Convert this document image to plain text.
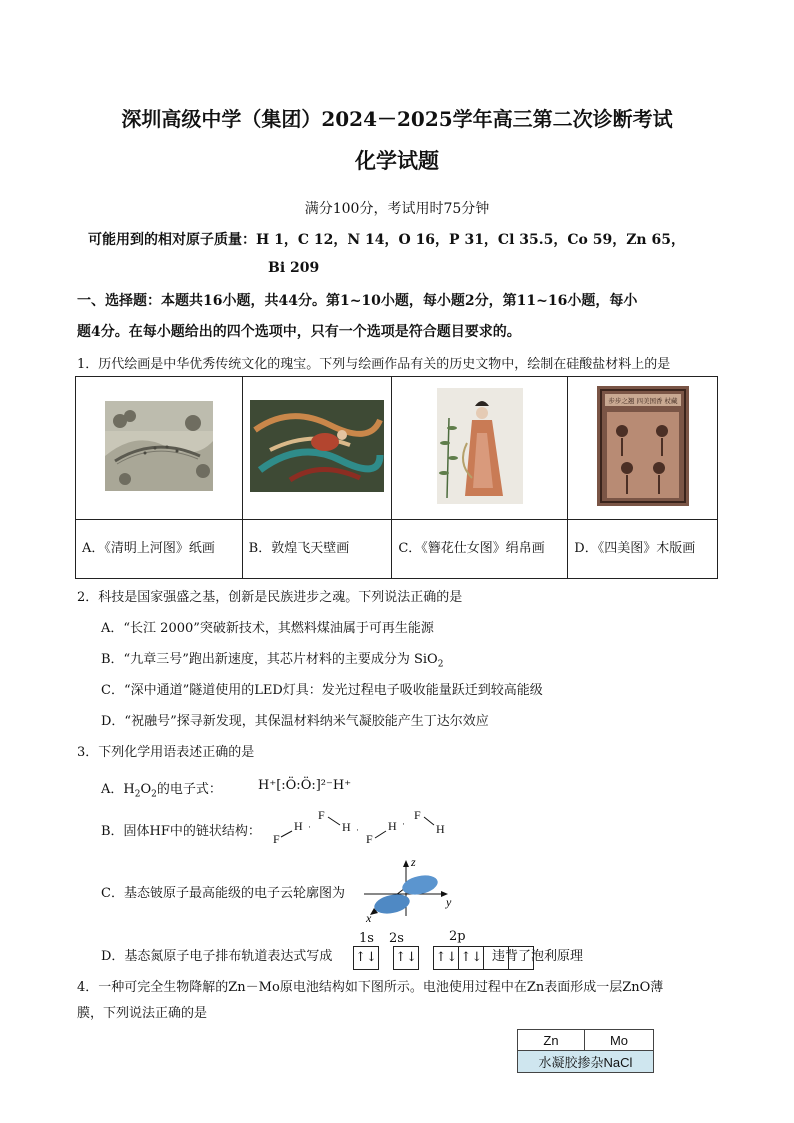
深圳高级中学（集团）2024－2025学年高三第二次诊断考试
化学试题
满分100分，考试用时75分钟
可能用到的相对原子质量：H 1，C 12，N 14，O 16，P 31，Cl 35.5，Co 59，Zn 65，
Bi 209
一、选择题：本题共16小题，共44分。第1~10小题，每小题2分，第11~16小题，每小
题4分。在每小题给出的四个选项中，只有一个选项是符合题目要求的。
1．历代绘画是中华优秀传统文化的瑰宝。下列与绘画作品有关的历史文物中，绘制在硅酸盐材料上的是

步步之翘 四美国香 杖藏

A．《清明上河图》纸画	B．敦煌飞天壁画	C．《簪花仕女图》绢帛画	D．《四美图》木版画
2．科技是国家强盛之基，创新是民族进步之魂。下列说法正确的是
A．“长江 2000”突破新技术，其燃料煤油属于可再生能源
B．“九章三号”跑出新速度，其芯片材料的主要成分为 SiO$_2$
C．“深中通道”隧道使用的LED灯具：发光过程电子吸收能量跃迁到较高能级
D．“祝融号”探寻新发现，其保温材料纳米气凝胶能产生丁达尔效应
3．下列化学用语表述正确的是
A．$H_2O_2$的电子式：	H⁺[:Ö:Ö:]²⁻H⁺
B．固体HF中的链状结构： F
H ·
F
H ·
F
H ·
F
H
C．基态铍原子最高能级的电子云轮廓图为
z
y
x
D．基态氮原子电子排布轨道表达式写成
1s 2s	2p
↑↓ ↑↓ ↑↓ ↑↓ 违背了泡利原理
4．一种可完全生物降解的Zn－Mo原电池结构如下图所示。电池使用过程中在Zn表面形成一层ZnO薄
膜，下列说法正确的是
Zn	Mo
水凝胶掺杂NaCl
